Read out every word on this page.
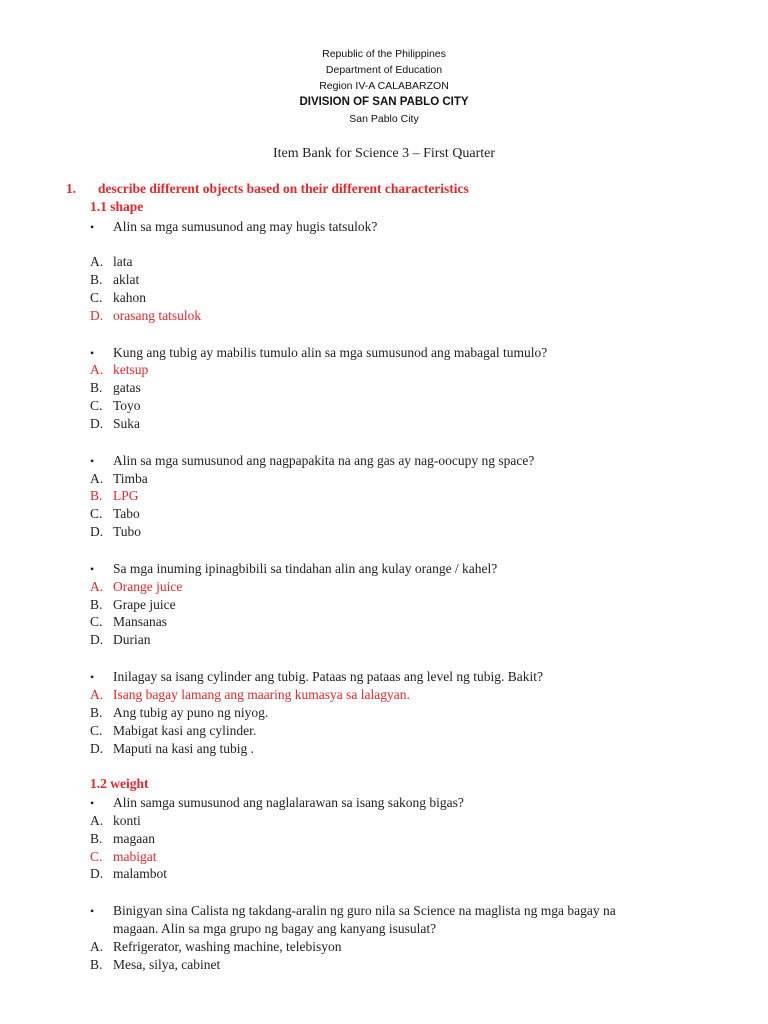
Republic of the Philippines
Department of Education
Region IV-A CALABARZON
DIVISION OF SAN PABLO CITY
San Pablo City
Item Bank for Science 3 – First Quarter
1. describe different objects based on their different characteristics
1.1 shape
• Alin sa mga sumusunod ang may hugis tatsulok?
A. lata
B. aklat
C. kahon
D. orasang tatsulok
• Kung ang tubig ay mabilis tumulo alin sa mga sumusunod ang mabagal tumulo?
A. ketsup
B. gatas
C. Toyo
D. Suka
• Alin sa mga sumusunod ang nagpapakita na ang gas ay nag-oocupy ng space?
A. Timba
B. LPG
C. Tabo
D. Tubo
• Sa mga inuming ipinagbibili sa tindahan alin ang kulay orange / kahel?
A. Orange juice
B. Grape juice
C. Mansanas
D. Durian
• Inilagay sa isang cylinder ang tubig. Pataas ng pataas ang level ng tubig. Bakit?
A. Isang bagay lamang ang maaring kumasya sa lalagyan.
B. Ang tubig ay puno ng niyog.
C. Mabigat kasi ang cylinder.
D. Maputi na kasi ang tubig .
1.2 weight
• Alin samga sumusunod ang naglalarawan sa isang sakong bigas?
A. konti
B. magaan
C. mabigat
D. malambot
• Binigyan sina Calista ng takdang-aralin ng guro nila sa Science na maglista ng mga bagay na
magaan. Alin sa mga grupo ng bagay ang kanyang isusulat?
A. Refrigerator, washing machine, telebisyon
B. Mesa, silya, cabinet
